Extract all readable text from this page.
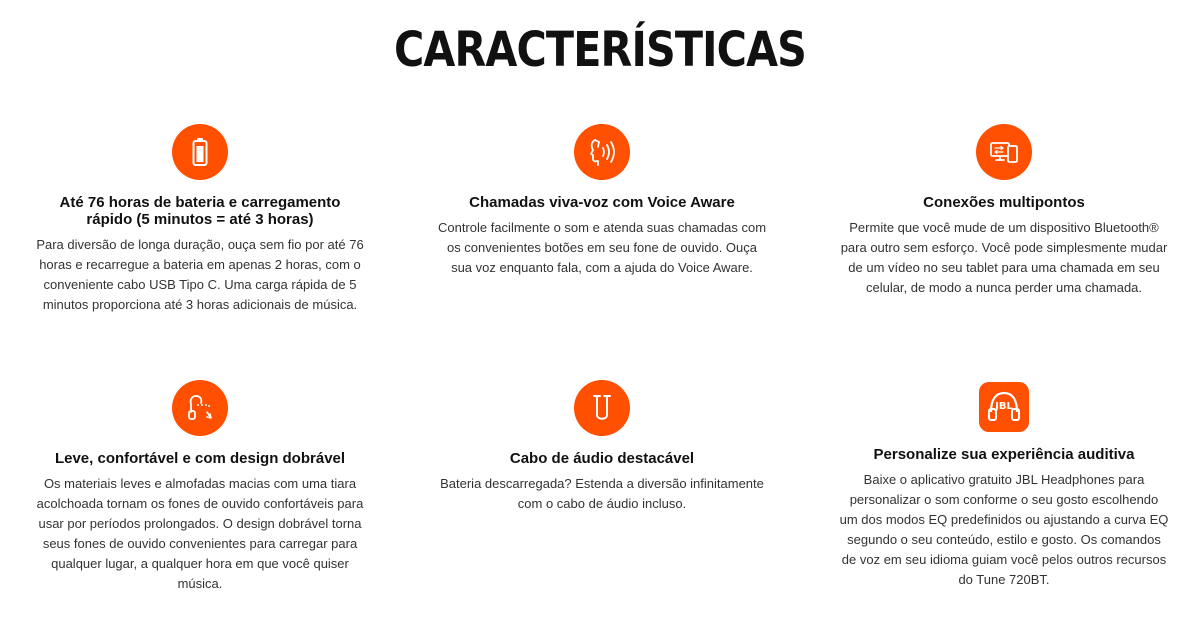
CARACTERÍSTICAS
Até 76 horas de bateria e carregamento rápido (5 minutos = até 3 horas)
Para diversão de longa duração, ouça sem fio por até 76 horas e recarregue a bateria em apenas 2 horas, com o conveniente cabo USB Tipo C. Uma carga rápida de 5 minutos proporciona até 3 horas adicionais de música.
Chamadas viva-voz com Voice Aware
Controle facilmente o som e atenda suas chamadas com os convenientes botões em seu fone de ouvido. Ouça sua voz enquanto fala, com a ajuda do Voice Aware.
Conexões multipontos
Permite que você mude de um dispositivo Bluetooth® para outro sem esforço. Você pode simplesmente mudar de um vídeo no seu tablet para uma chamada em seu celular, de modo a nunca perder uma chamada.
Leve, confortável e com design dobrável
Os materiais leves e almofadas macias com uma tiara acolchoada tornam os fones de ouvido confortáveis para usar por períodos prolongados. O design dobrável torna seus fones de ouvido convenientes para carregar para qualquer lugar, a qualquer hora em que você quiser música.
Cabo de áudio destacável
Bateria descarregada? Estenda a diversão infinitamente com o cabo de áudio incluso.
JBL
Personalize sua experiência auditiva
Baixe o aplicativo gratuito JBL Headphones para personalizar o som conforme o seu gosto escolhendo um dos modos EQ predefinidos ou ajustando a curva EQ segundo o seu conteúdo, estilo e gosto. Os comandos de voz em seu idioma guiam você pelos outros recursos do Tune 720BT.
